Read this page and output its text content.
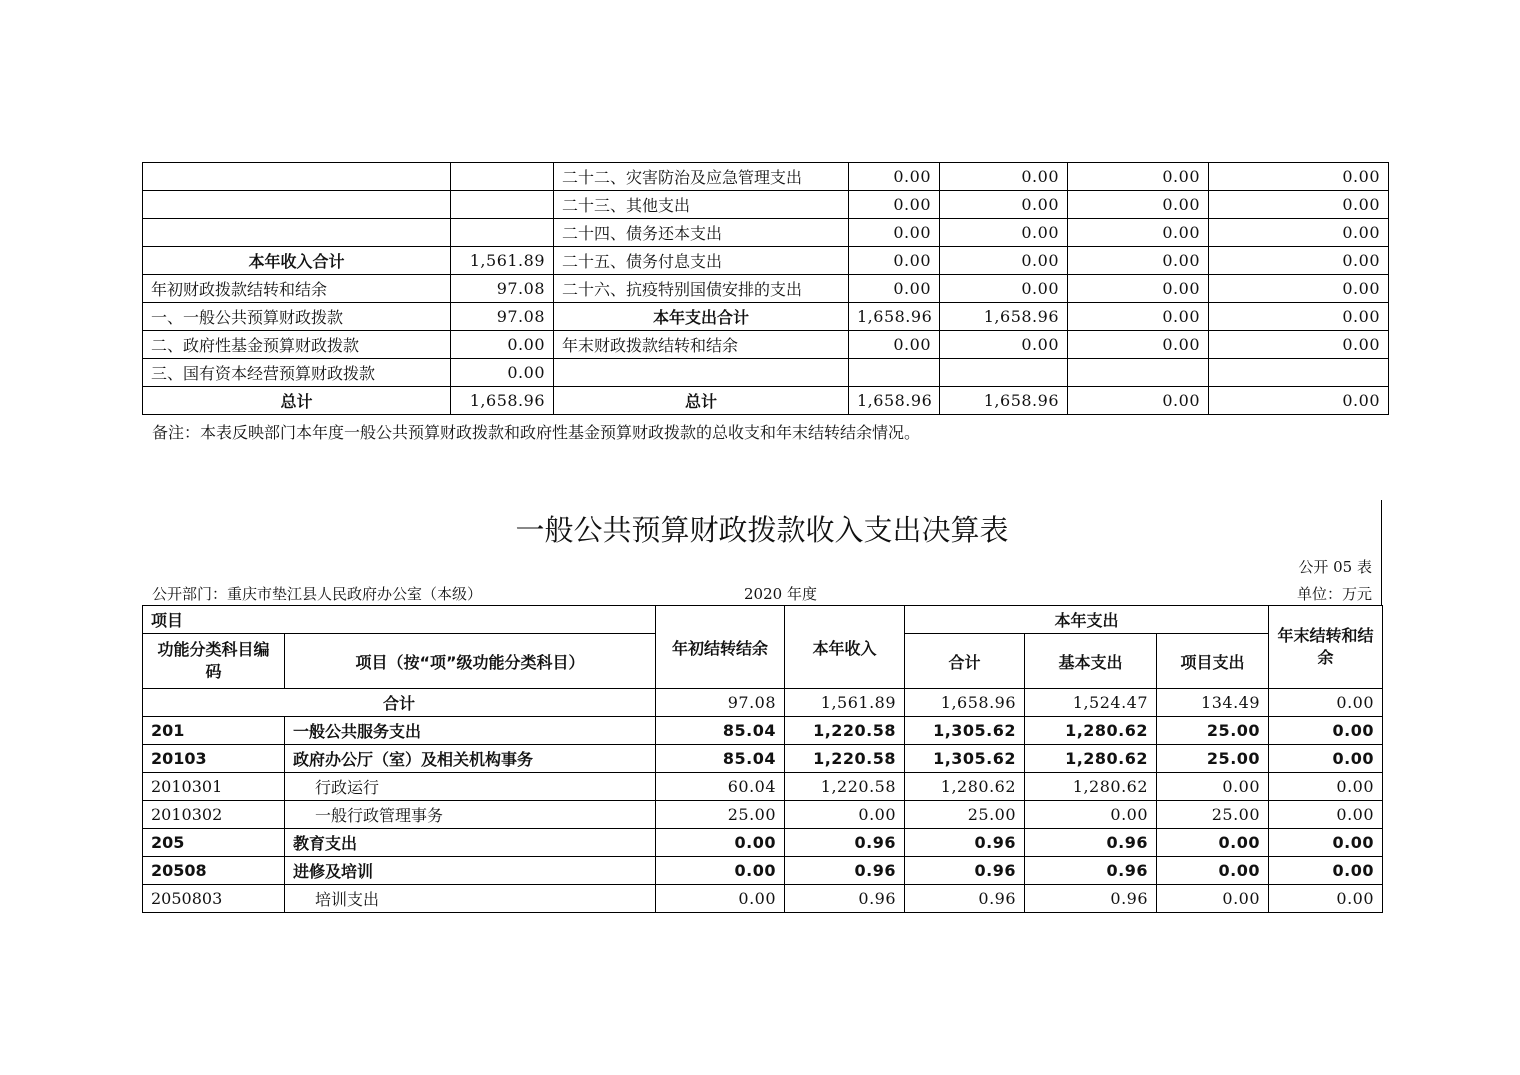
		二十二、灾害防治及应急管理支出	0.00	0.00	0.00	0.00
		二十三、其他支出	0.00	0.00	0.00	0.00
		二十四、债务还本支出	0.00	0.00	0.00	0.00
本年收入合计	1,561.89	二十五、债务付息支出	0.00	0.00	0.00	0.00
年初财政拨款结转和结余	97.08	二十六、抗疫特别国债安排的支出	0.00	0.00	0.00	0.00
一、一般公共预算财政拨款	97.08	本年支出合计	1,658.96	1,658.96	0.00	0.00
二、政府性基金预算财政拨款	0.00	年末财政拨款结转和结余	0.00	0.00	0.00	0.00
三、国有资本经营预算财政拨款	0.00					
总计	1,658.96	总计	1,658.96	1,658.96	0.00	0.00
备注：本表反映部门本年度一般公共预算财政拨款和政府性基金预算财政拨款的总收支和年末结转结余情况。
一般公共预算财政拨款收入支出决算表
公开 05 表
公开部门：重庆市垫江县人民政府办公室（本级）	2020 年度	单位：万元
项目		年初结转结余	本年收入	本年支出			年末结转和结余
功能分类科目编码	项目（按“项”级功能分类科目）			合计	基本支出	项目支出	
合计		97.08	1,561.89	1,658.96	1,524.47	134.49	0.00
201	一般公共服务支出	85.04	1,220.58	1,305.62	1,280.62	25.00	0.00
20103	政府办公厅（室）及相关机构事务	85.04	1,220.58	1,305.62	1,280.62	25.00	0.00
2010301	行政运行	60.04	1,220.58	1,280.62	1,280.62	0.00	0.00
2010302	一般行政管理事务	25.00	0.00	25.00	0.00	25.00	0.00
205	教育支出	0.00	0.96	0.96	0.96	0.00	0.00
20508	进修及培训	0.00	0.96	0.96	0.96	0.00	0.00
2050803	培训支出	0.00	0.96	0.96	0.96	0.00	0.00
